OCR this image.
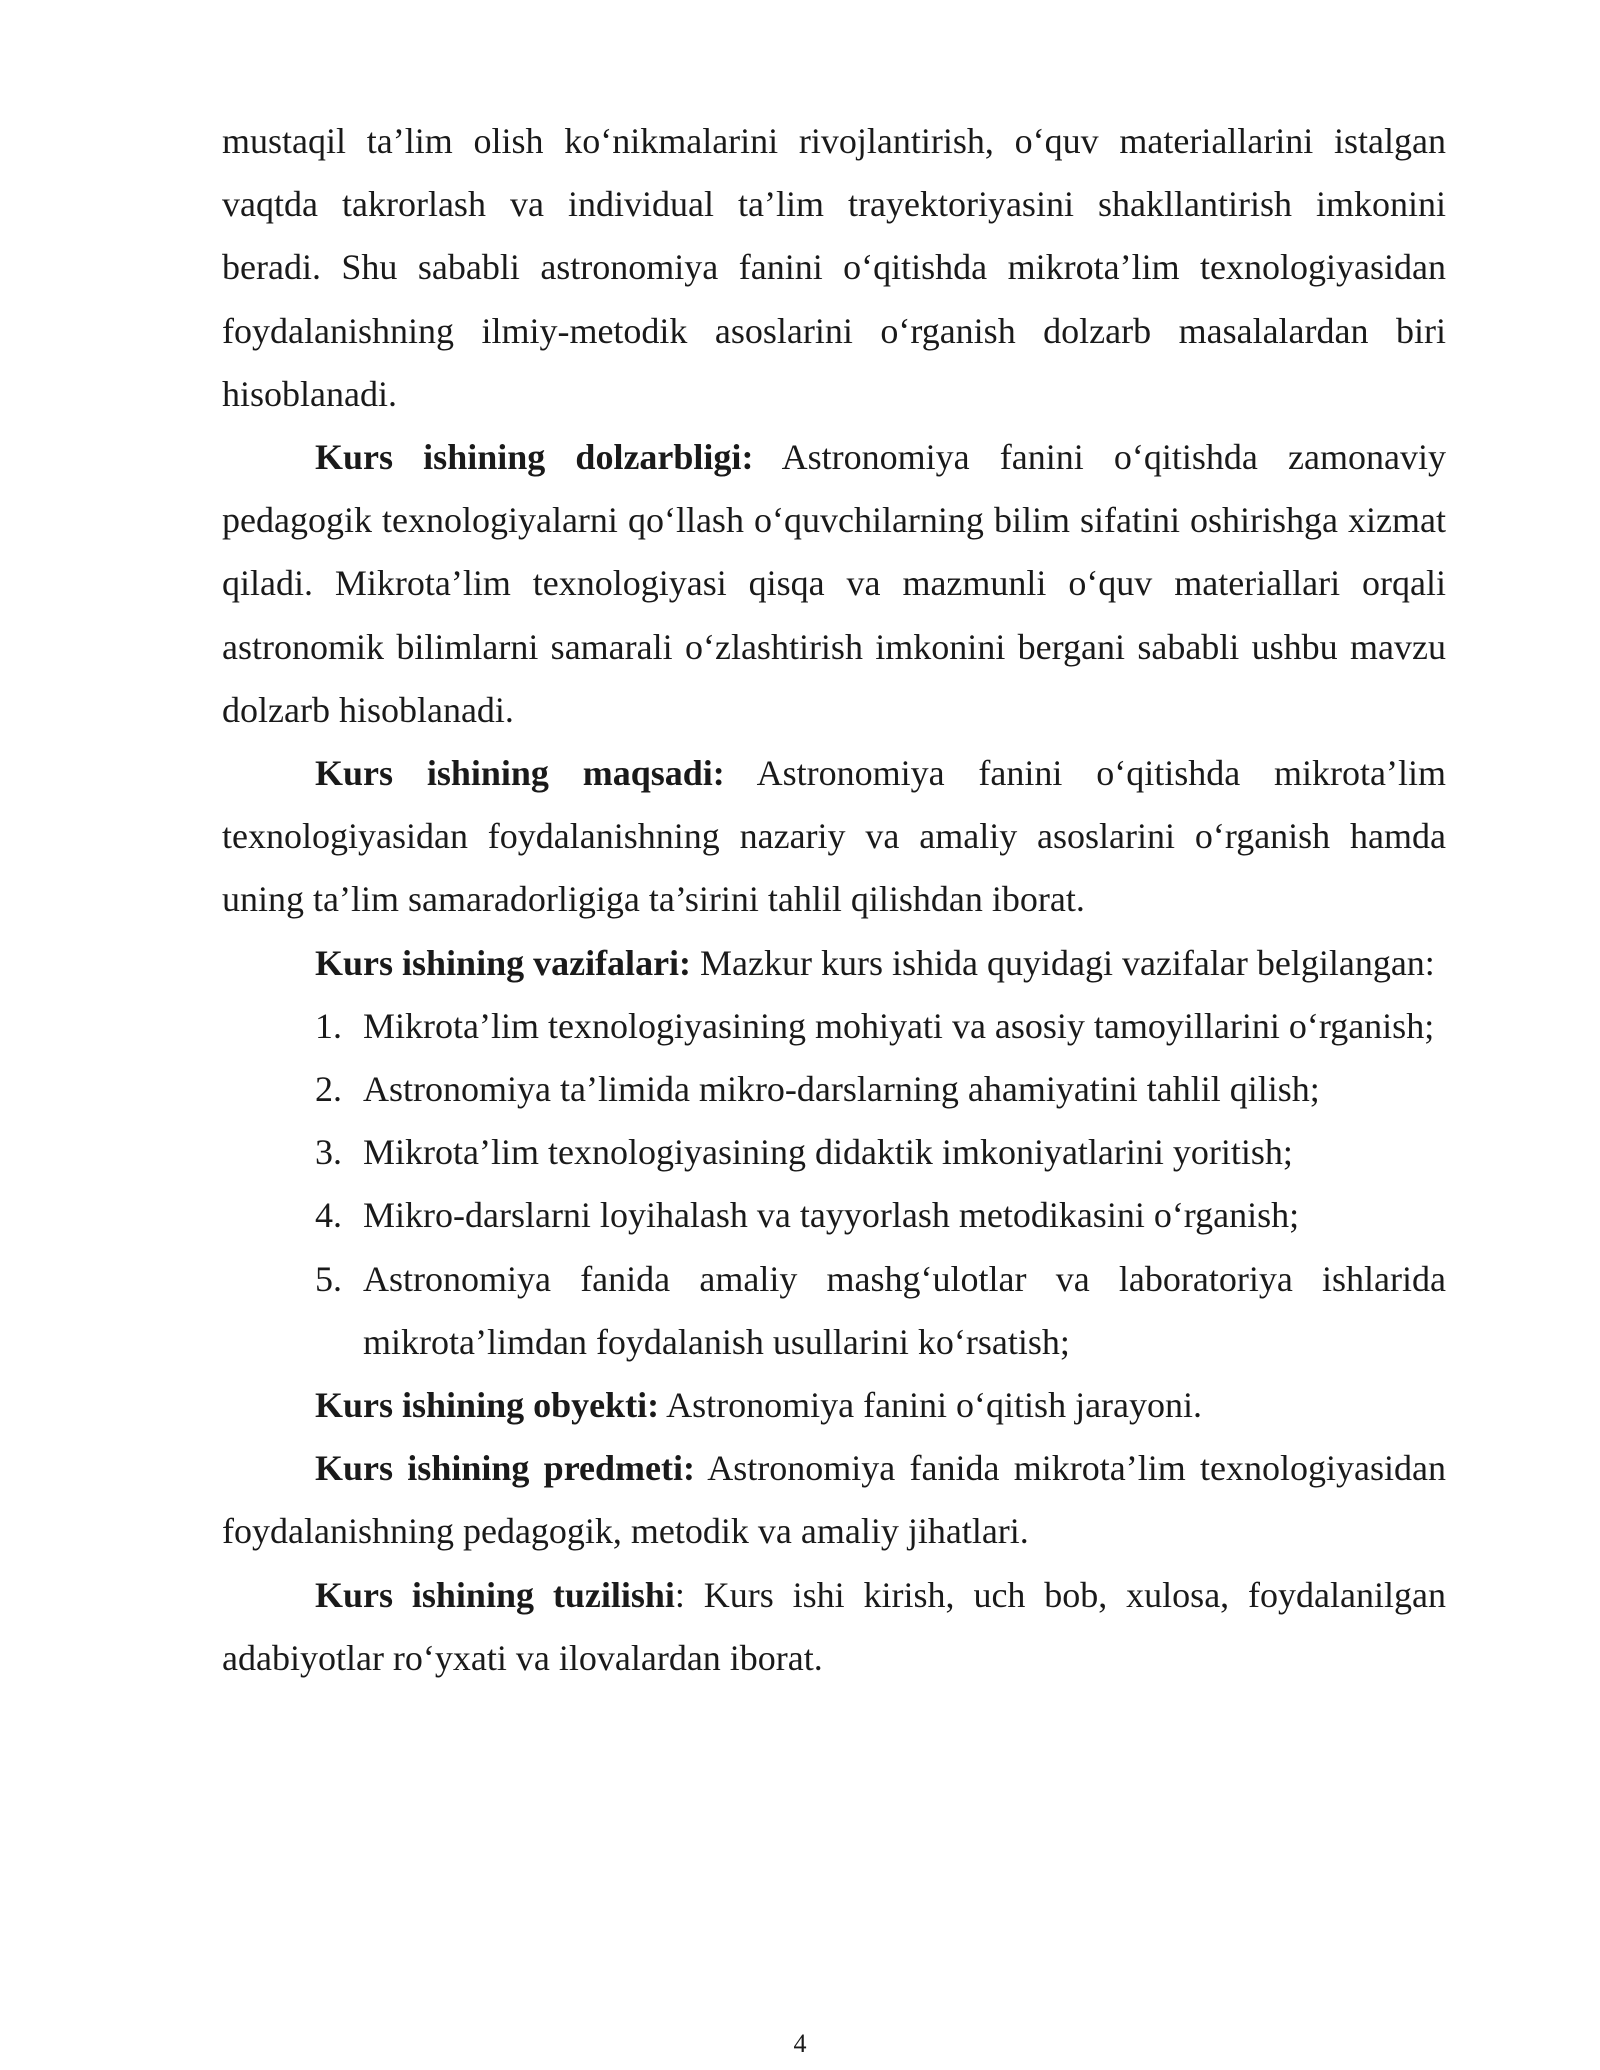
mustaqil ta’lim olish ko‘nikmalarini rivojlantirish, o‘quv materiallarini istalgan vaqtda takrorlash va individual ta’lim trayektoriyasini shakllantirish imkonini beradi. Shu sababli astronomiya fanini o‘qitishda mikrota’lim texnologiyasidan foydalanishning ilmiy-metodik asoslarini o‘rganish dolzarb masalalardan biri hisoblanadi.

Kurs ishining dolzarbligi: Astronomiya fanini o‘qitishda zamonaviy pedagogik texnologiyalarni qo‘llash o‘quvchilarning bilim sifatini oshirishga xizmat qiladi. Mikrota’lim texnologiyasi qisqa va mazmunli o‘quv materiallari orqali astronomik bilimlarni samarali o‘zlashtirish imkonini bergani sababli ushbu mavzu dolzarb hisoblanadi.

Kurs ishining maqsadi: Astronomiya fanini o‘qitishda mikrota’lim texnologiyasidan foydalanishning nazariy va amaliy asoslarini o‘rganish hamda uning ta’lim samaradorligiga ta’sirini tahlil qilishdan iborat.

Kurs ishining vazifalari: Mazkur kurs ishida quyidagi vazifalar belgilangan:

1. Mikrota’lim texnologiyasining mohiyati va asosiy tamoyillarini o‘rganish;
2. Astronomiya ta’limida mikro-darslarning ahamiyatini tahlil qilish;
3. Mikrota’lim texnologiyasining didaktik imkoniyatlarini yoritish;
4. Mikro-darslarni loyihalash va tayyorlash metodikasini o‘rganish;
5. Astronomiya fanida amaliy mashg‘ulotlar va laboratoriya ishlarida mikrota’limdan foydalanish usullarini ko‘rsatish;

Kurs ishining obyekti: Astronomiya fanini o‘qitish jarayoni.

Kurs ishining predmeti: Astronomiya fanida mikrota’lim texnologiyasidan foydalanishning pedagogik, metodik va amaliy jihatlari.

Kurs ishining tuzilishi: Kurs ishi kirish, uch bob, xulosa, foydalanilgan adabiyotlar ro‘yxati va ilovalardan iborat.

4
